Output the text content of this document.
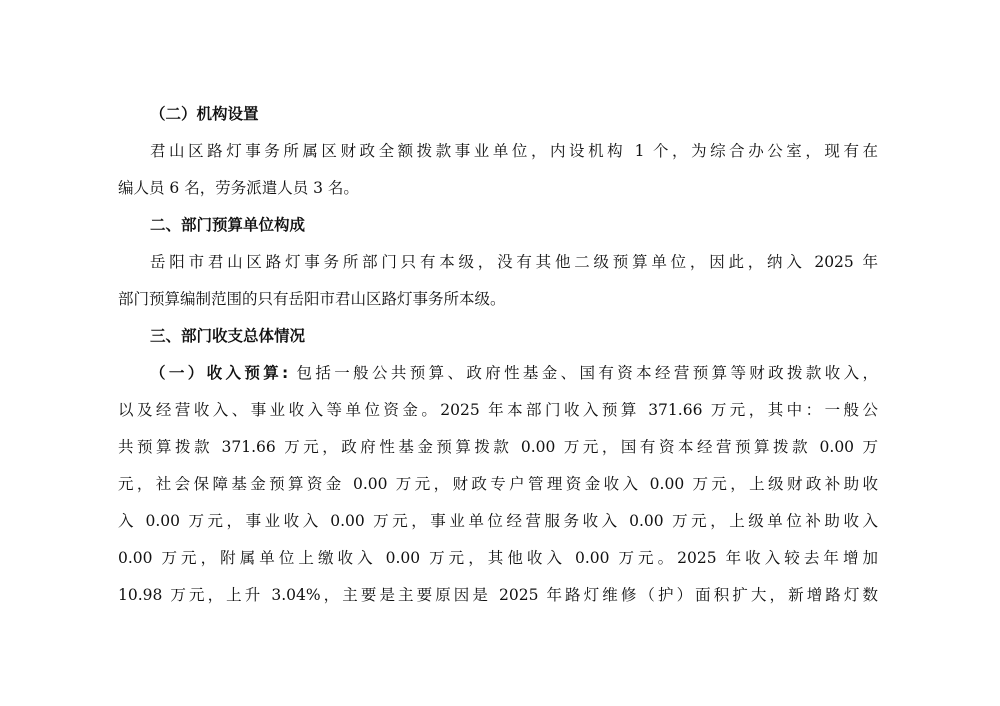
（二）机构设置
君山区路灯事务所属区财政全额拨款事业单位，内设机构 1 个，为综合办公室，现有在
编人员 6 名，劳务派遣人员 3 名。
二、部门预算单位构成
岳阳市君山区路灯事务所部门只有本级，没有其他二级预算单位，因此，纳入 2025 年
部门预算编制范围的只有岳阳市君山区路灯事务所本级。
三、部门收支总体情况
（一）收入预算: 包括一般公共预算、政府性基金、国有资本经营预算等财政拨款收入，
以及经营收入、事业收入等单位资金。2025 年本部门收入预算 371.66 万元，其中：一般公
共预算拨款 371.66 万元，政府性基金预算拨款 0.00 万元，国有资本经营预算拨款 0.00 万
元，社会保障基金预算资金 0.00 万元，财政专户管理资金收入 0.00 万元，上级财政补助收
入 0.00 万元，事业收入 0.00 万元，事业单位经营服务收入 0.00 万元，上级单位补助收入
0.00 万元，附属单位上缴收入 0.00 万元，其他收入 0.00 万元。2025 年收入较去年增加
10.98 万元，上升 3.04%，主要是主要原因是 2025 年路灯维修（护）面积扩大，新增路灯数
